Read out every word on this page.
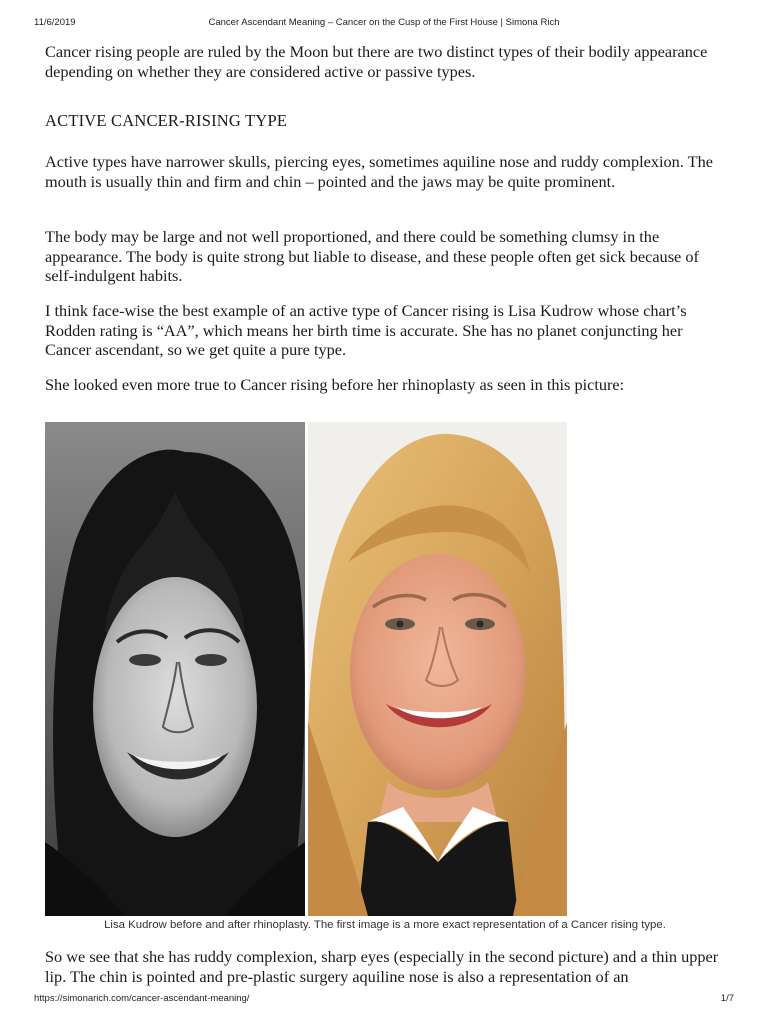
11/6/2019	Cancer Ascendant Meaning – Cancer on the Cusp of the First House | Simona Rich

Cancer rising people are ruled by the Moon but there are two distinct types of their bodily appearance depending on whether they are considered active or passive types.

ACTIVE CANCER-RISING TYPE

Active types have narrower skulls, piercing eyes, sometimes aquiline nose and ruddy complexion. The mouth is usually thin and firm and chin – pointed and the jaws may be quite prominent.

The body may be large and not well proportioned, and there could be something clumsy in the appearance. The body is quite strong but liable to disease, and these people often get sick because of self-indulgent habits.

I think face-wise the best example of an active type of Cancer rising is Lisa Kudrow whose chart’s Rodden rating is “AA”, which means her birth time is accurate. She has no planet conjuncting her Cancer ascendant, so we get quite a pure type.

She looked even more true to Cancer rising before her rhinoplasty as seen in this picture:

Lisa Kudrow before and after rhinoplasty. The first image is a more exact representation of a Cancer rising type.

So we see that she has ruddy complexion, sharp eyes (especially in the second picture) and a thin upper lip. The chin is pointed and pre-plastic surgery aquiline nose is also a representation of an

https://simonarich.com/cancer-ascendant-meaning/	1/7
